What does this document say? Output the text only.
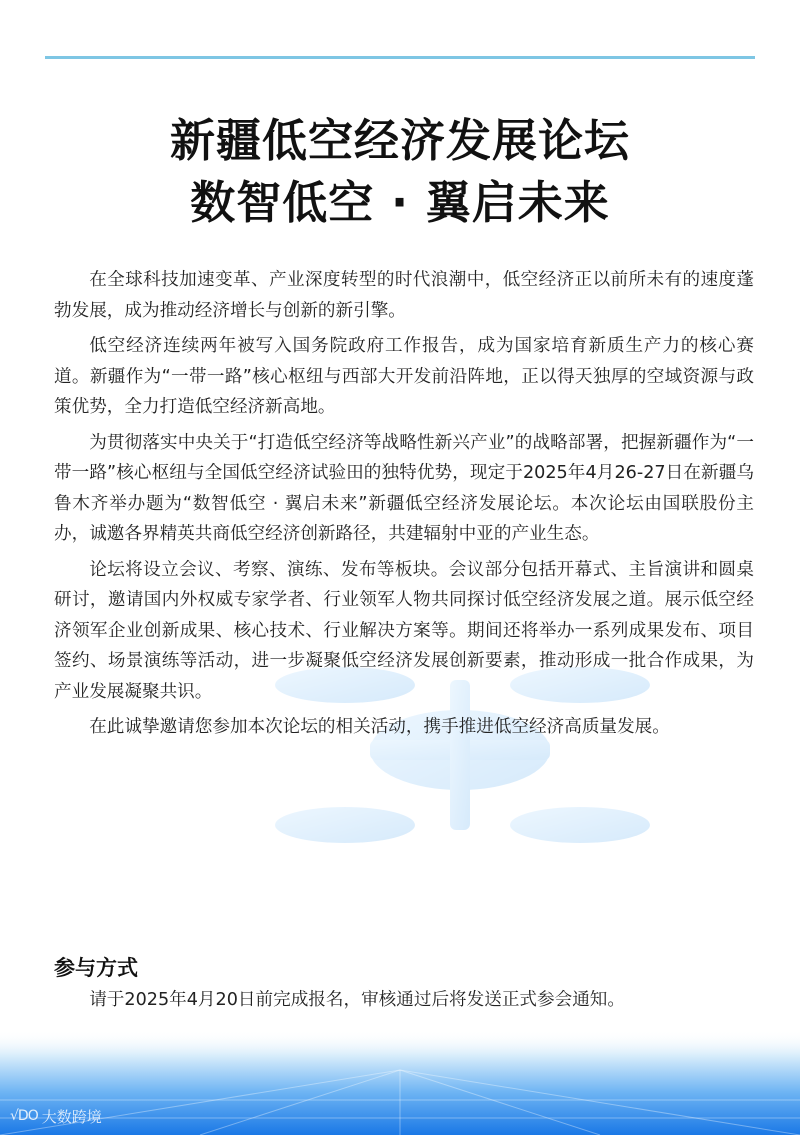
新疆低空经济发展论坛
数智低空 · 翼启未来

在全球科技加速变革、产业深度转型的时代浪潮中，低空经济正以前所未有的速度蓬勃发展，成为推动经济增长与创新的新引擎。

低空经济连续两年被写入国务院政府工作报告，成为国家培育新质生产力的核心赛道。新疆作为“一带一路”核心枢纽与西部大开发前沿阵地，正以得天独厚的空域资源与政策优势，全力打造低空经济新高地。

为贯彻落实中央关于“打造低空经济等战略性新兴产业”的战略部署，把握新疆作为“一带一路”核心枢纽与全国低空经济试验田的独特优势，现定于2025年4月26-27日在新疆乌鲁木齐举办题为“数智低空 · 翼启未来”新疆低空经济发展论坛。本次论坛由国联股份主办，诚邀各界精英共商低空经济创新路径，共建辐射中亚的产业生态。

论坛将设立会议、考察、演练、发布等板块。会议部分包括开幕式、主旨演讲和圆桌研讨，邀请国内外权威专家学者、行业领军人物共同探讨低空经济发展之道。展示低空经济领军企业创新成果、核心技术、行业解决方案等。期间还将举办一系列成果发布、项目签约、场景演练等活动，进一步凝聚低空经济发展创新要素，推动形成一批合作成果，为产业发展凝聚共识。

在此诚挚邀请您参加本次论坛的相关活动，携手推进低空经济高质量发展。

参与方式
请于2025年4月20日前完成报名，审核通过后将发送正式参会通知。
√DO 大数跨境
